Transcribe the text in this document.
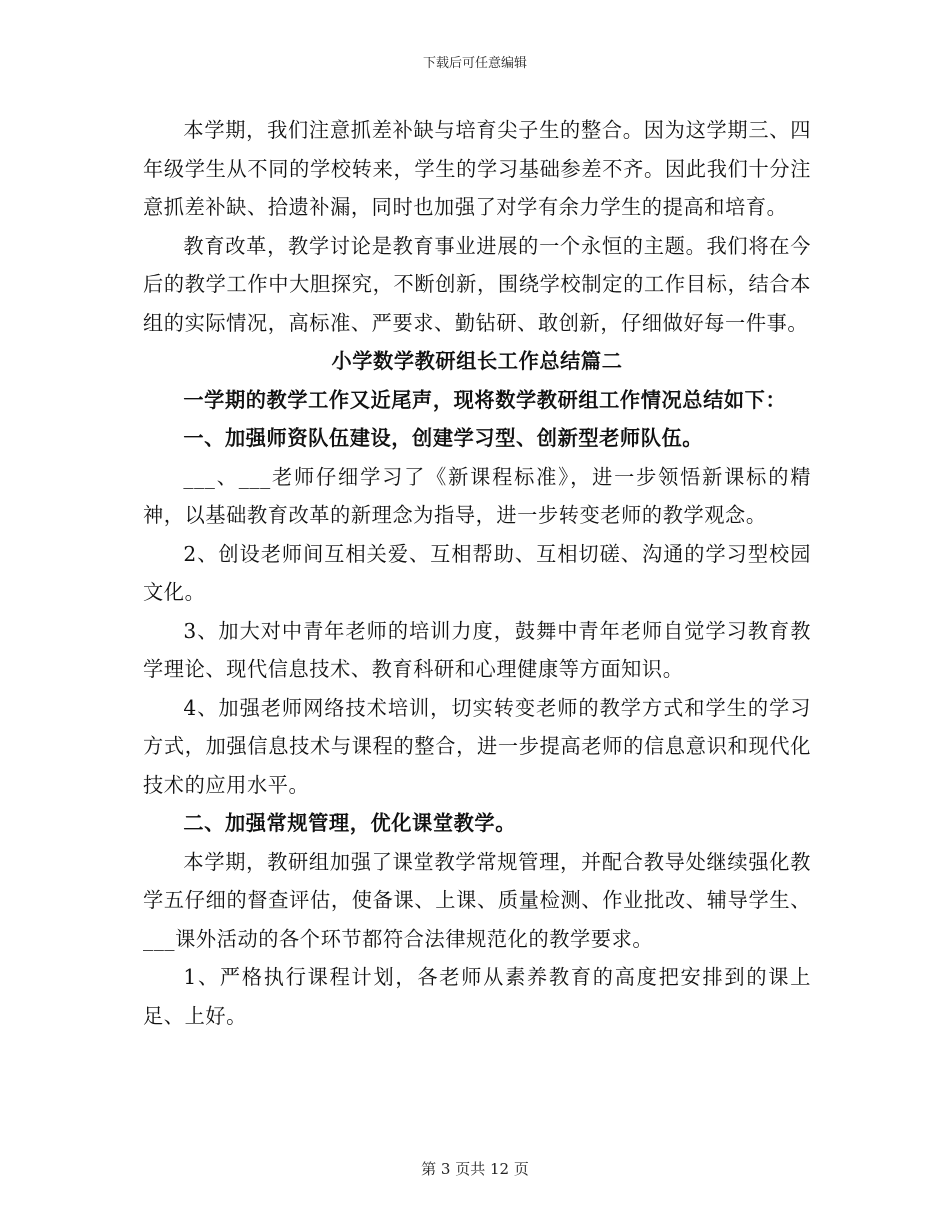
下载后可任意编辑

本学期，我们注意抓差补缺与培育尖子生的整合。因为这学期三、四年级学生从不同的学校转来，学生的学习基础参差不齐。因此我们十分注意抓差补缺、拾遗补漏，同时也加强了对学有余力学生的提高和培育。

教育改革，教学讨论是教育事业进展的一个永恒的主题。我们将在今后的教学工作中大胆探究，不断创新，围绕学校制定的工作目标，结合本组的实际情况，高标准、严要求、勤钻研、敢创新，仔细做好每一件事。

小学数学教研组长工作总结篇二

一学期的教学工作又近尾声，现将数学教研组工作情况总结如下：

一、加强师资队伍建设，创建学习型、创新型老师队伍。

___、___老师仔细学习了《新课程标准》，进一步领悟新课标的精神，以基础教育改革的新理念为指导，进一步转变老师的教学观念。

2、创设老师间互相关爱、互相帮助、互相切磋、沟通的学习型校园文化。

3、加大对中青年老师的培训力度，鼓舞中青年老师自觉学习教育教学理论、现代信息技术、教育科研和心理健康等方面知识。

4、加强老师网络技术培训，切实转变老师的教学方式和学生的学习方式，加强信息技术与课程的整合，进一步提高老师的信息意识和现代化技术的应用水平。

二、加强常规管理，优化课堂教学。

本学期，教研组加强了课堂教学常规管理，并配合教导处继续强化教学五仔细的督查评估，使备课、上课、质量检测、作业批改、辅导学生、___课外活动的各个环节都符合法律规范化的教学要求。

1、严格执行课程计划，各老师从素养教育的高度把安排到的课上足、上好。

第 3 页共 12 页
